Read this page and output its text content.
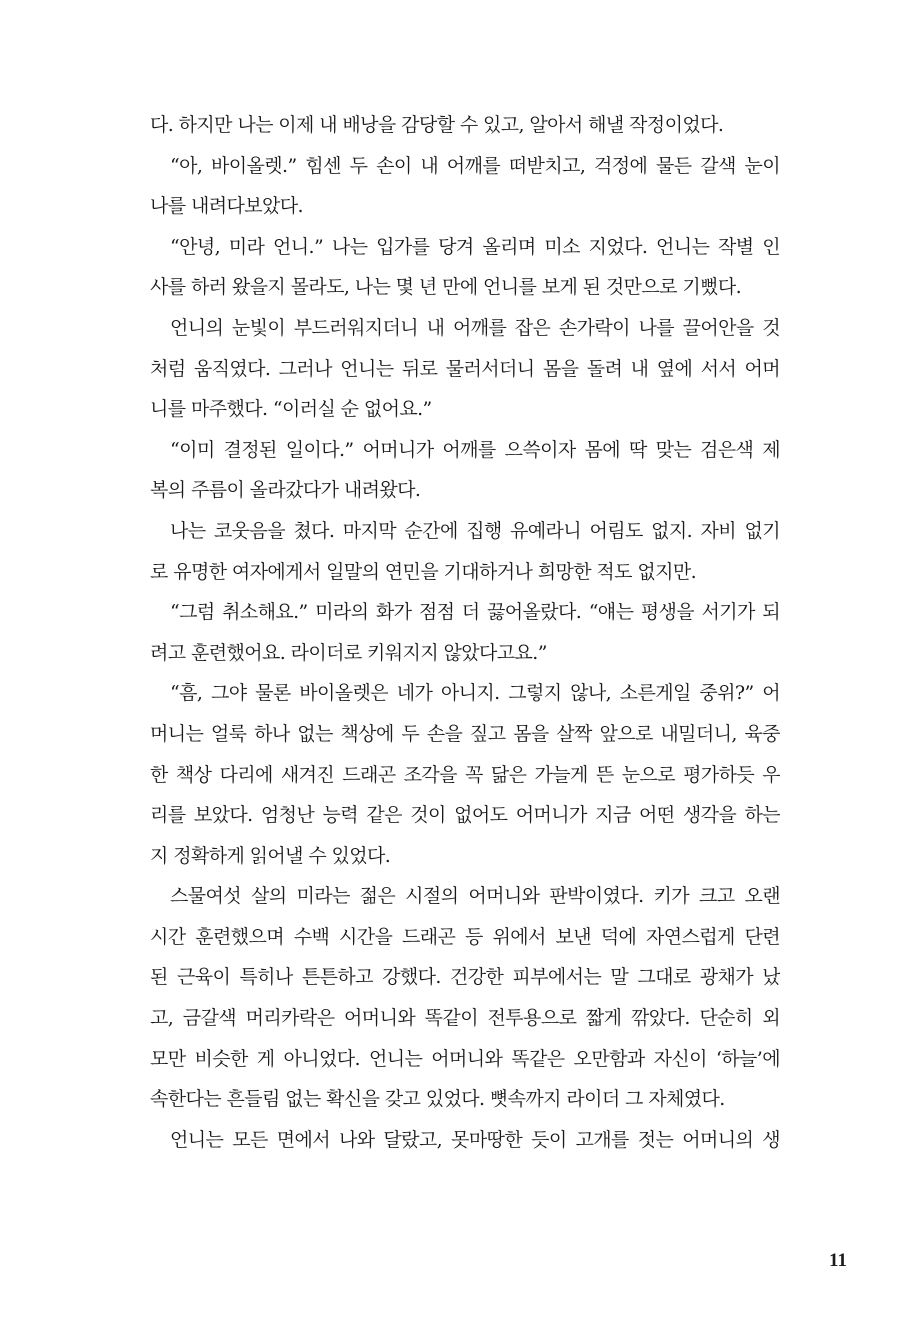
다. 하지만 나는 이제 내 배낭을 감당할 수 있고, 알아서 해낼 작정이었다.
“아, 바이올렛.” 힘센 두 손이 내 어깨를 떠받치고, 걱정에 물든 갈색 눈이
나를 내려다보았다.
“안녕, 미라 언니.” 나는 입가를 당겨 올리며 미소 지었다. 언니는 작별 인
사를 하러 왔을지 몰라도, 나는 몇 년 만에 언니를 보게 된 것만으로 기뻤다.
언니의 눈빛이 부드러워지더니 내 어깨를 잡은 손가락이 나를 끌어안을 것
처럼 움직였다. 그러나 언니는 뒤로 물러서더니 몸을 돌려 내 옆에 서서 어머
니를 마주했다. “이러실 순 없어요.”
“이미 결정된 일이다.” 어머니가 어깨를 으쓱이자 몸에 딱 맞는 검은색 제
복의 주름이 올라갔다가 내려왔다.
나는 코웃음을 쳤다. 마지막 순간에 집행 유예라니 어림도 없지. 자비 없기
로 유명한 여자에게서 일말의 연민을 기대하거나 희망한 적도 없지만.
“그럼 취소해요.” 미라의 화가 점점 더 끓어올랐다. “얘는 평생을 서기가 되
려고 훈련했어요. 라이더로 키워지지 않았다고요.”
“흠, 그야 물론 바이올렛은 네가 아니지. 그렇지 않나, 소른게일 중위?” 어
머니는 얼룩 하나 없는 책상에 두 손을 짚고 몸을 살짝 앞으로 내밀더니, 육중
한 책상 다리에 새겨진 드래곤 조각을 꼭 닮은 가늘게 뜬 눈으로 평가하듯 우
리를 보았다. 엄청난 능력 같은 것이 없어도 어머니가 지금 어떤 생각을 하는
지 정확하게 읽어낼 수 있었다.
스물여섯 살의 미라는 젊은 시절의 어머니와 판박이였다. 키가 크고 오랜
시간 훈련했으며 수백 시간을 드래곤 등 위에서 보낸 덕에 자연스럽게 단련
된 근육이 특히나 튼튼하고 강했다. 건강한 피부에서는 말 그대로 광채가 났
고, 금갈색 머리카락은 어머니와 똑같이 전투용으로 짧게 깎았다. 단순히 외
모만 비슷한 게 아니었다. 언니는 어머니와 똑같은 오만함과 자신이 ‘하늘’에
속한다는 흔들림 없는 확신을 갖고 있었다. 뼛속까지 라이더 그 자체였다.
언니는 모든 면에서 나와 달랐고, 못마땅한 듯이 고개를 젓는 어머니의 생
11
